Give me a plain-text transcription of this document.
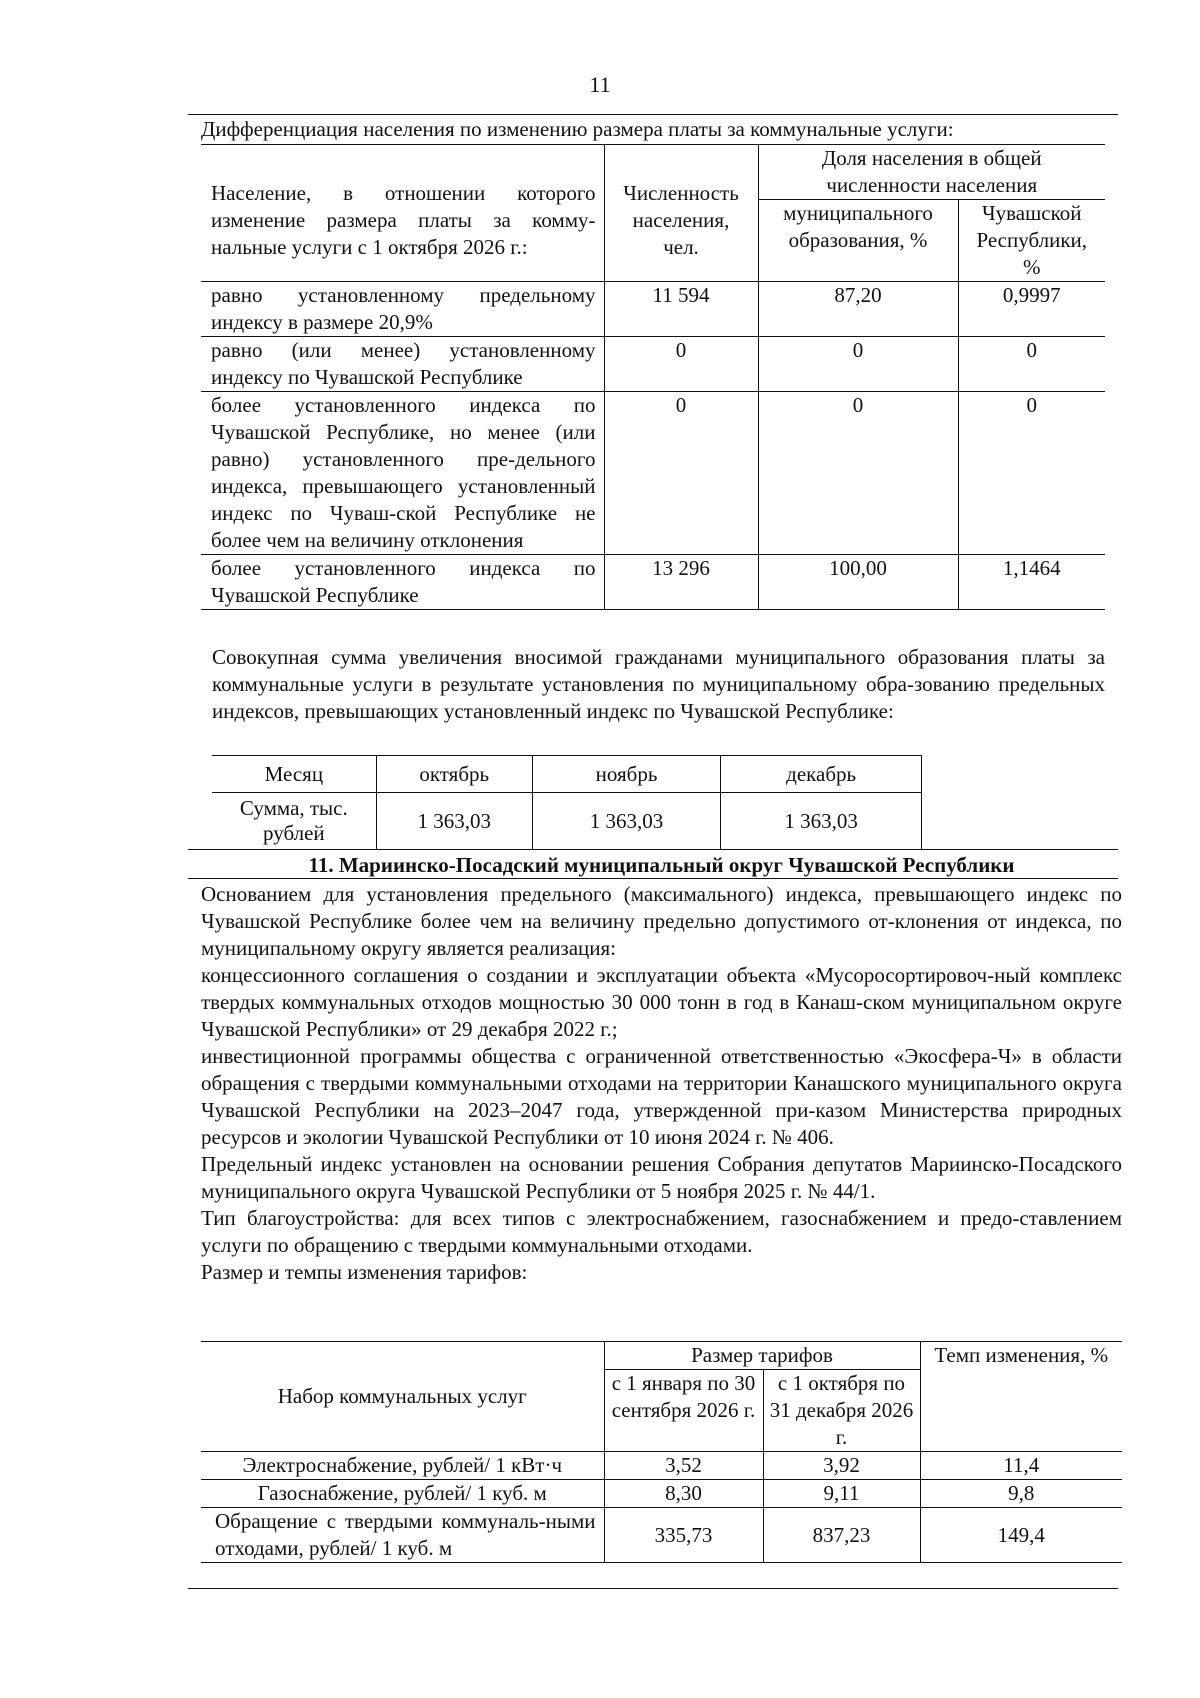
11
Дифференциация населения по изменению размера платы за коммунальные услуги:
Население, в отношении которого изменение размера платы за комму-нальные услуги с 1 октября 2026 г.:	Численность населения, чел.	Доля населения в общей численности населения	
		муниципального образования, %	Чувашской Республики, %
равно установленному предельному индексу в размере 20,9%	11 594	87,20	0,9997
равно (или менее) установленному индексу по Чувашской Республике	0	0	0
более установленного индекса по Чувашской Республике, но менее (или равно) установленного пре-дельного индекса, превышающего установленный индекс по Чуваш-ской Республике не более чем на величину отклонения	0	0	0
более установленного индекса по Чувашской Республике	13 296	100,00	1,1464

Совокупная сумма увеличения вносимой гражданами муниципального образования платы за коммунальные услуги в результате установления по муниципальному обра-зованию предельных индексов, превышающих установленный индекс по Чувашской Республике:

Месяц	октябрь	ноябрь	декабрь
Сумма, тыс. рублей	1 363,03	1 363,03	1 363,03
11. Мариинско-Посадский муниципальный округ Чувашской Республики

Основанием для установления предельного (максимального) индекса, превышающего индекс по Чувашской Республике более чем на величину предельно допустимого от-клонения от индекса, по муниципальному округу является реализация:

концессионного соглашения о создании и эксплуатации объекта «Мусоросортировоч-ный комплекс твердых коммунальных отходов мощностью 30 000 тонн в год в Канаш-ском муниципальном округе Чувашской Республики» от 29 декабря 2022 г.;

инвестиционной программы общества с ограниченной ответственностью «Экосфера-Ч» в области обращения с твердыми коммунальными отходами на территории Канашского муниципального округа Чувашской Республики на 2023–2047 года, утвержденной при-казом Министерства природных ресурсов и экологии Чувашской Республики от 10 июня 2024 г. № 406.

Предельный индекс установлен на основании решения Собрания депутатов Мариинско-Посадского муниципального округа Чувашской Республики от 5 ноября 2025 г. № 44/1.

Тип благоустройства: для всех типов с электроснабжением, газоснабжением и предо-ставлением услуги по обращению с твердыми коммунальными отходами.

Размер и темпы изменения тарифов:

Набор коммунальных услуг	Размер тарифов		Темп изменения, %
	с 1 января по 30 сентября 2026 г.	с 1 октября по 31 декабря 2026 г.	
Электроснабжение, рублей/ 1 кВт·ч	3,52	3,92	11,4
Газоснабжение, рублей/ 1 куб. м	8,30	9,11	9,8
Обращение с твердыми коммуналь-ными отходами, рублей/ 1 куб. м	335,73	837,23	149,4
